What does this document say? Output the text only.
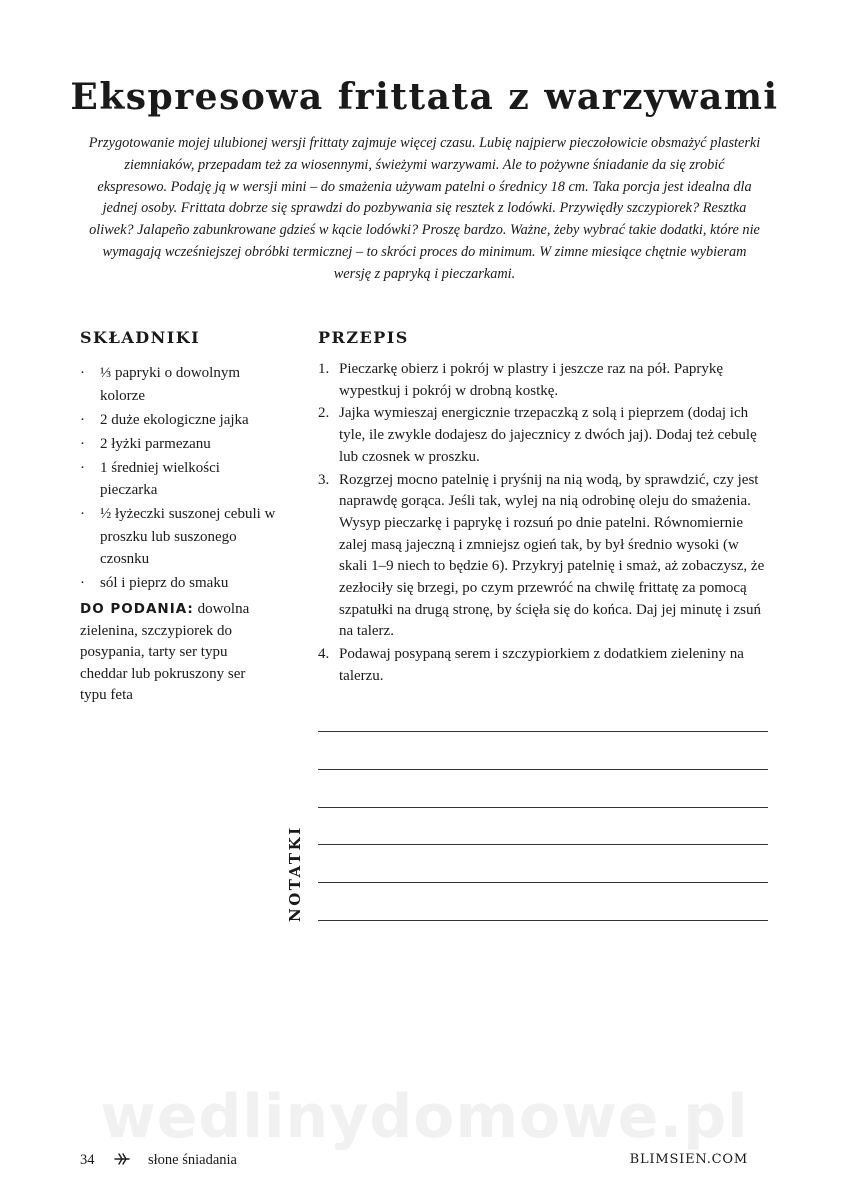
Ekspresowa frittata z warzywami
Przygotowanie mojej ulubionej wersji frittaty zajmuje więcej czasu. Lubię najpierw pieczołowicie obsmażyć plasterki ziemniaków, przepadam też za wiosennymi, świeżymi warzywami. Ale to pożywne śniadanie da się zrobić ekspresowo. Podaję ją w wersji mini – do smażenia używam patelni o średnicy 18 cm. Taka porcja jest idealna dla jednej osoby. Frittata dobrze się sprawdzi do pozbywania się resztek z lodówki. Przywiędły szczypiorek? Resztka oliwek? Jalapeño zabunkrowane gdzieś w kącie lodówki? Proszę bardzo. Ważne, żeby wybrać takie dodatki, które nie wymagają wcześniejszej obróbki termicznej – to skróci proces do minimum. W zimne miesiące chętnie wybieram wersję z papryką i pieczarkami.
SKŁADNIKI	PRZEPIS
· ⅓ papryki o dowolnym kolorze
· 2 duże ekologiczne jajka
· 2 łyżki parmezanu
· 1 średniej wielkości pieczarka
· ½ łyżeczki suszonej cebuli w proszku lub suszonego czosnku
· sól i pieprz do smaku
DO PODANIA: dowolna zielenina, szczypiorek do posypania, tarty ser typu cheddar lub pokruszony ser typu feta
1. Pieczarkę obierz i pokrój w plastry i jeszcze raz na pół. Paprykę wypestkuj i pokrój w drobną kostkę.
2. Jajka wymieszaj energicznie trzepaczką z solą i pieprzem (dodaj ich tyle, ile zwykle dodajesz do jajecznicy z dwóch jaj). Dodaj też cebulę lub czosnek w proszku.
3. Rozgrzej mocno patelnię i pryśnij na nią wodą, by sprawdzić, czy jest naprawdę gorąca. Jeśli tak, wylej na nią odrobinę oleju do smażenia. Wysyp pieczarkę i paprykę i rozsuń po dnie patelni. Równomiernie zalej masą jajeczną i zmniejsz ogień tak, by był średnio wysoki (w skali 1–9 niech to będzie 6). Przykryj patelnię i smaż, aż zobaczysz, że zezłociły się brzegi, po czym przewróć na chwilę frittatę za pomocą szpatułki na drugą stronę, by ścięła się do końca. Daj jej minutę i zsuń na talerz.
4. Podawaj posypaną serem i szczypiorkiem z dodatkiem zieleniny na talerzu.
NOTATKI
wedlinydomowe.pl
34	słone śniadania	BLIMSIEN.COM
